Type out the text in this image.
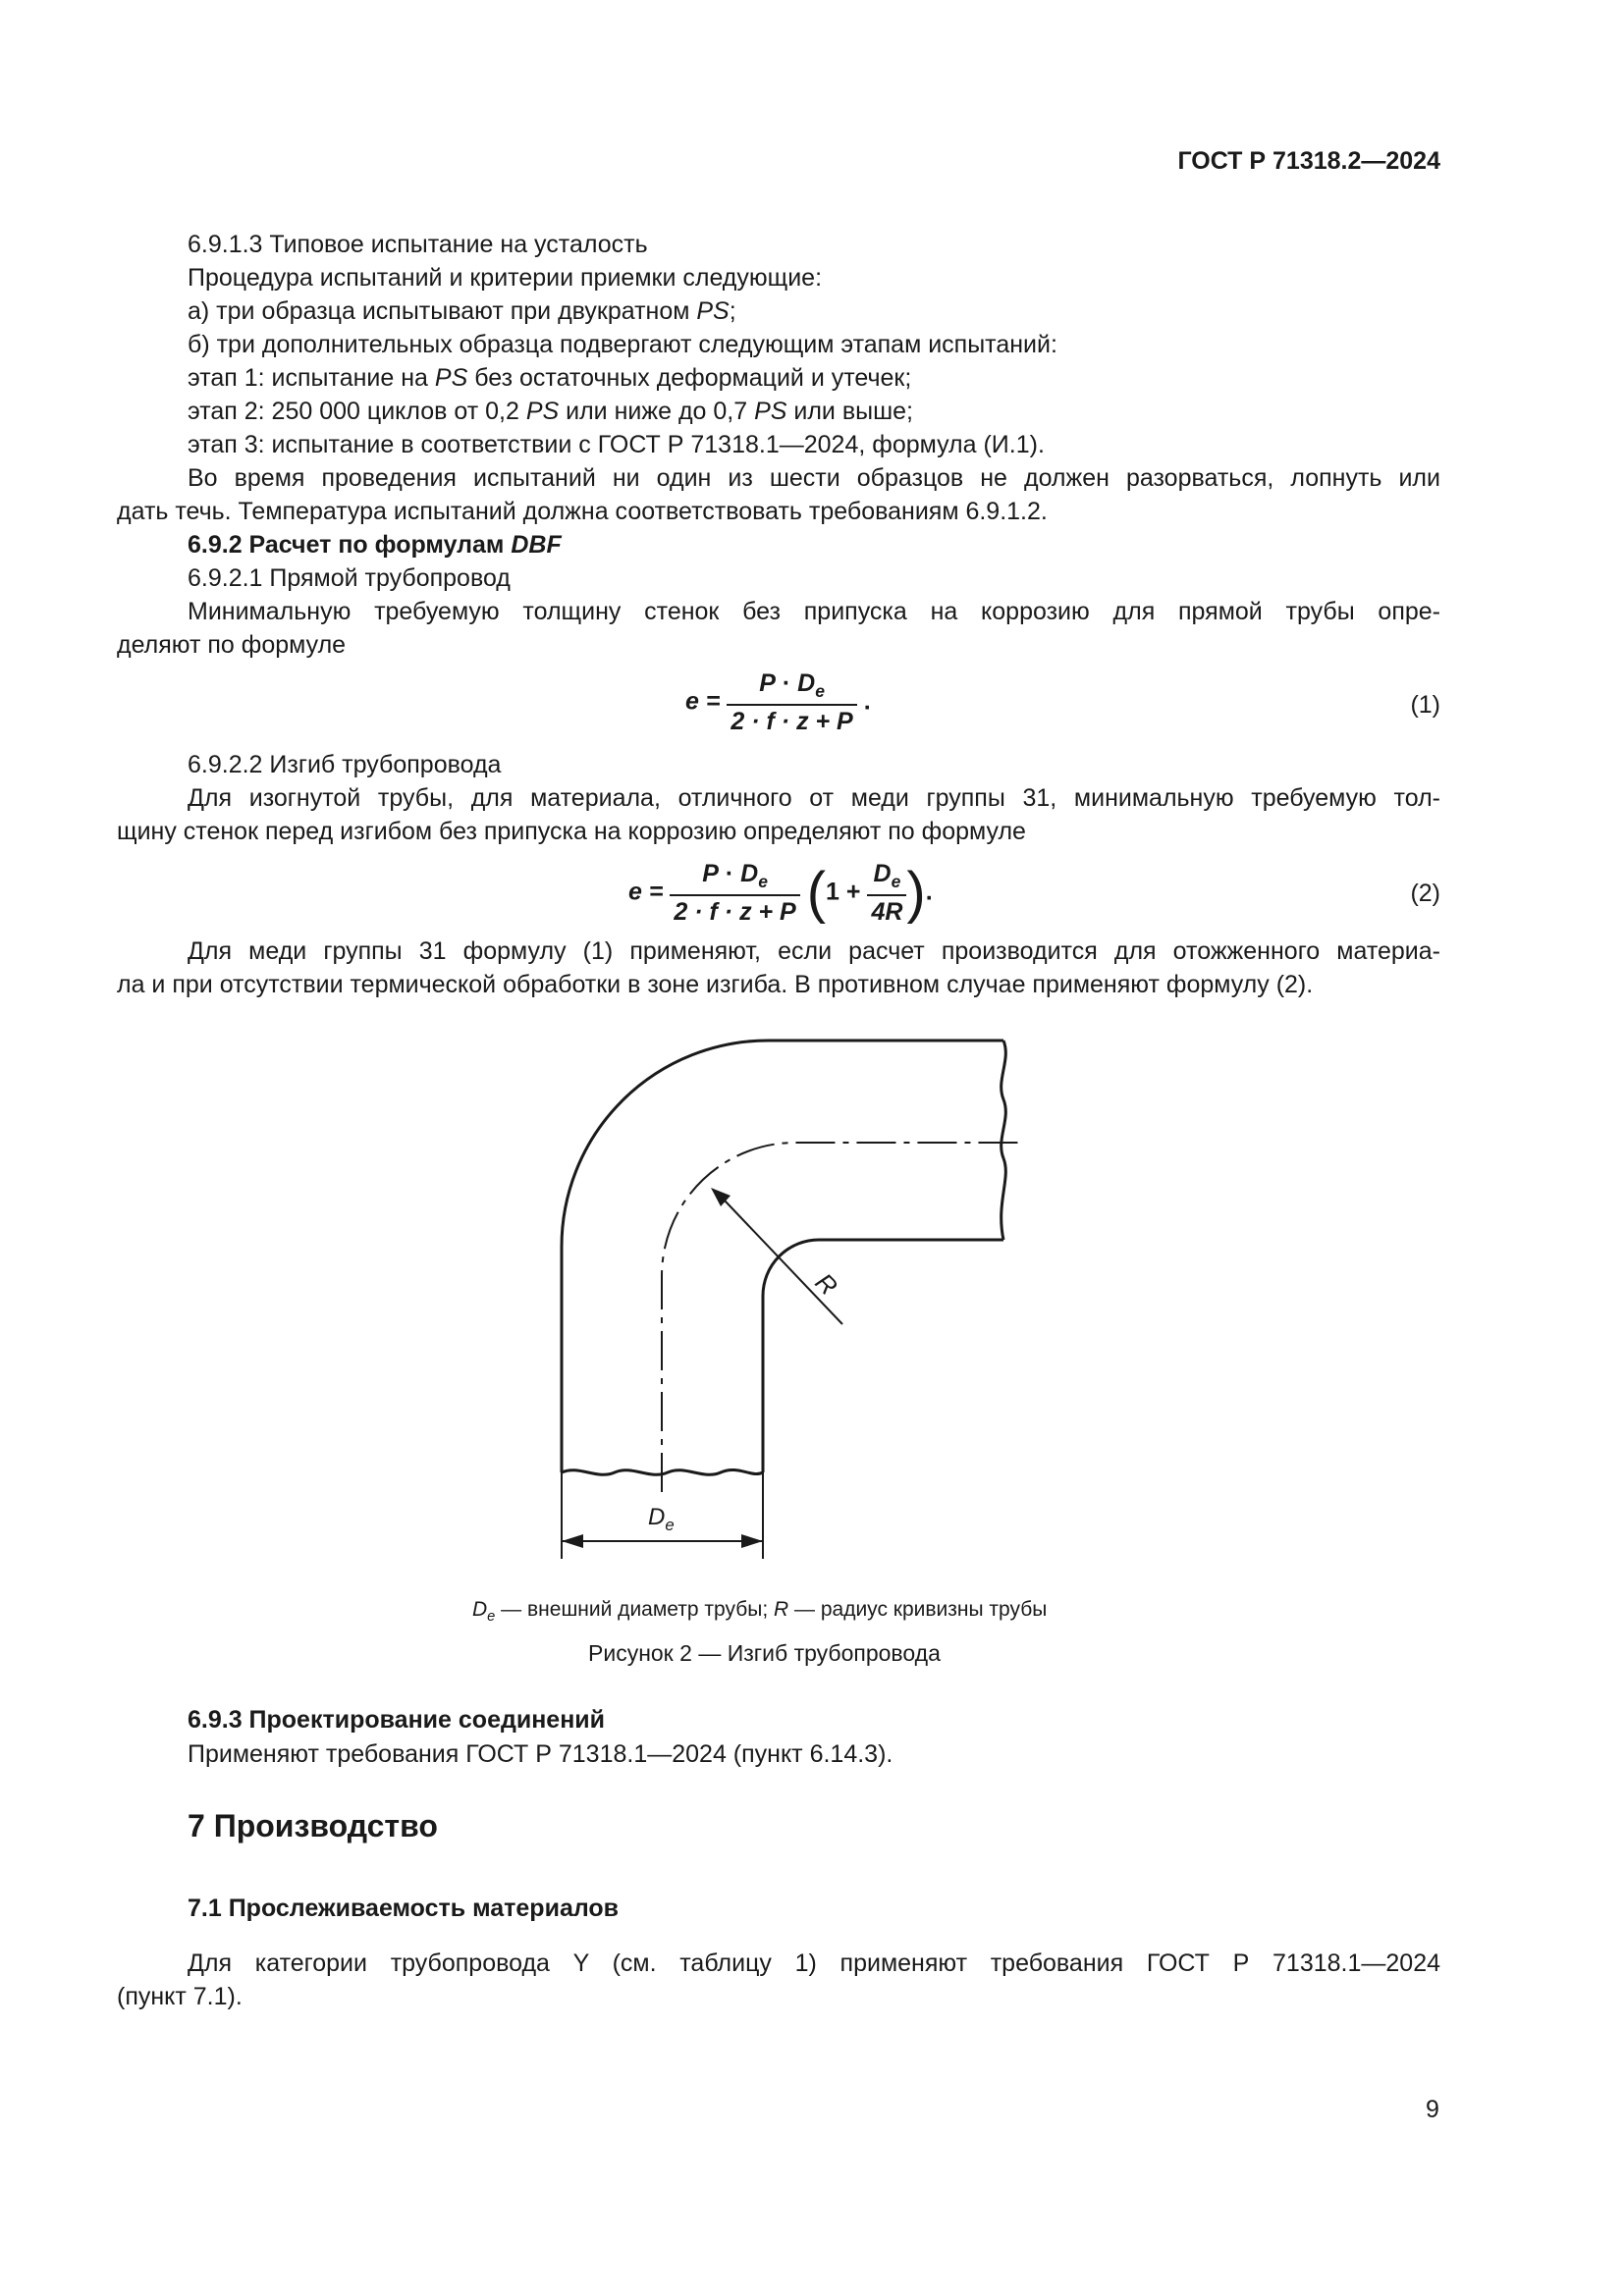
ГОСТ Р 71318.2—2024
6.9.1.3 Типовое испытание на усталость
Процедура испытаний и критерии приемки следующие:
а) три образца испытывают при двукратном PS;
б) три дополнительных образца подвергают следующим этапам испытаний:
этап 1: испытание на PS без остаточных деформаций и утечек;
этап 2: 250 000 циклов от 0,2 PS или ниже до 0,7 PS или выше;
этап 3: испытание в соответствии с ГОСТ Р 71318.1—2024, формула (И.1).
Во время проведения испытаний ни один из шести образцов не должен разорваться, лопнуть или
дать течь. Температура испытаний должна соответствовать требованиям 6.9.1.2.
6.9.2 Расчет по формулам DBF
6.9.2.1 Прямой трубопровод
Минимальную требуемую толщину стенок без припуска на коррозию для прямой трубы опре-
деляют по формуле
$e = \frac{P \cdot D_e}{2 \cdot f \cdot z + P}$ .	(1)
6.9.2.2 Изгиб трубопровода
Для изогнутой трубы, для материала, отличного от меди группы 31, минимальную требуемую тол-
щину стенок перед изгибом без припуска на коррозию определяют по формуле
$e = \frac{P \cdot D_e}{2 \cdot f \cdot z + P} (1 + \frac{D_e}{4R}$ ).	(2)
Для меди группы 31 формулу (1) применяют, если расчет производится для отожженного материа-
ла и при отсутствии термической обработки в зоне изгиба. В противном случае применяют формулу (2).
R
$D_e$
$D_e$ — внешний диаметр трубы; R — радиус кривизны трубы
Рисунок 2 — Изгиб трубопровода
6.9.3 Проектирование соединений
Применяют требования ГОСТ Р 71318.1—2024 (пункт 6.14.3).
7 Производство
7.1 Прослеживаемость материалов
Для категории трубопровода Y (см. таблицу 1) применяют требования ГОСТ Р 71318.1—2024
(пункт 7.1).
9
